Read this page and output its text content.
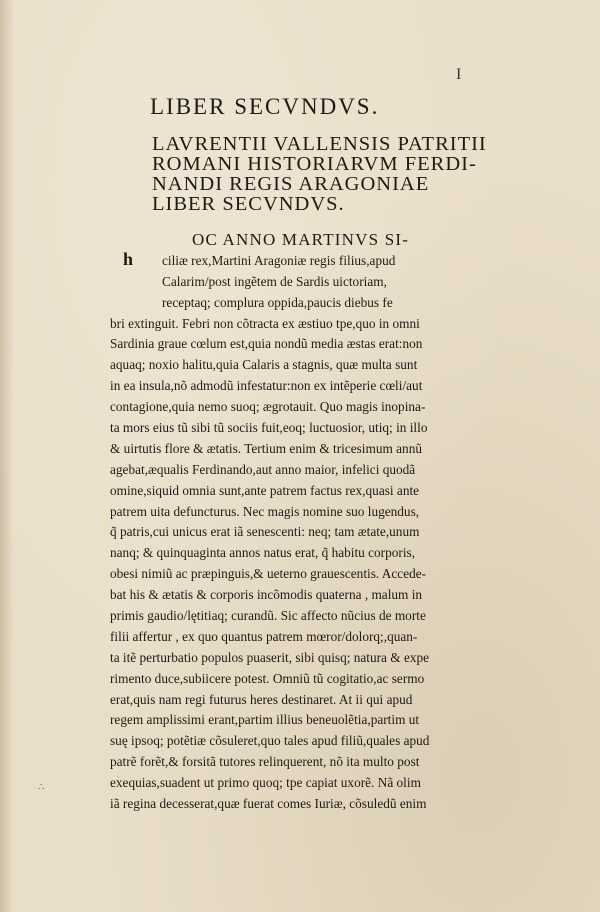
I
LIBER SECVNDVS.
LAVRENTII VALLENSIS PATRITII
ROMANI HISTORIARVM FERDI-
NANDI REGIS ARAGONIAE
LIBER SECVNDVS.
h
OC ANNO MARTINVS SI-
ciliæ rex,Martini Aragoniæ regis filius,apud
Calarim/post ingẽtem de Sardis uictoriam,
receptaq; complura oppida,paucis diebus fe
bri extinguit. Febri non cõtracta ex æstiuo tpe,quo in omni
Sardinia graue cœlum est,quia nondũ media æstas erat:non
aquaq; noxio halitu,quia Calaris a stagnis, quæ multa sunt
in ea insula,nõ admodũ infestatur:non ex intẽperie cœli/aut
contagione,quia nemo suoq; ægrotauit. Quo magis inopina-
ta mors eius tũ sibi tũ sociis fuit,eoq; luctuosior, utiq; in illo
& uirtutis flore & ætatis. Tertium enim & tricesimum annũ
agebat,æqualis Ferdinando,aut anno maior, infelici quodã
omine,siquid omnia sunt,ante patrem factus rex,quasi ante
patrem uita defuncturus. Nec magis nomine suo lugendus,
q̃ patris,cui unicus erat iã senescenti: neq; tam ætate,unum
nanq; & quinquaginta annos natus erat, q̃ habitu corporis,
obesi nimiũ ac præpinguis,& ueterno grauescentis. Accede-
bat his & ætatis & corporis incõmodis quaterna , malum in
primis gaudio/lętitiaq; curandũ. Sic affecto nũcius de morte
filii affertur , ex quo quantus patrem mœror/dolorq;,quan-
ta itẽ perturbatio populos puaserit, sibi quisq; natura & expe
rimento duce,subiicere potest. Omniũ tũ cogitatio,ac sermo
erat,quis nam regi futurus heres destinaret. At ii qui apud
regem amplissimi erant,partim illius beneuolẽtia,partim ut
suę ipsoq; potẽtiæ cõsuleret,quo tales apud filiũ,quales apud
patrẽ forẽt,& forsitã tutores relinquerent, nõ ita multo post
exequias,suadent ut primo quoq; tpe capiat uxorẽ. Nã olim
iã regina decesserat,quæ fuerat comes Iuriæ, cõsuledũ enim
∴
